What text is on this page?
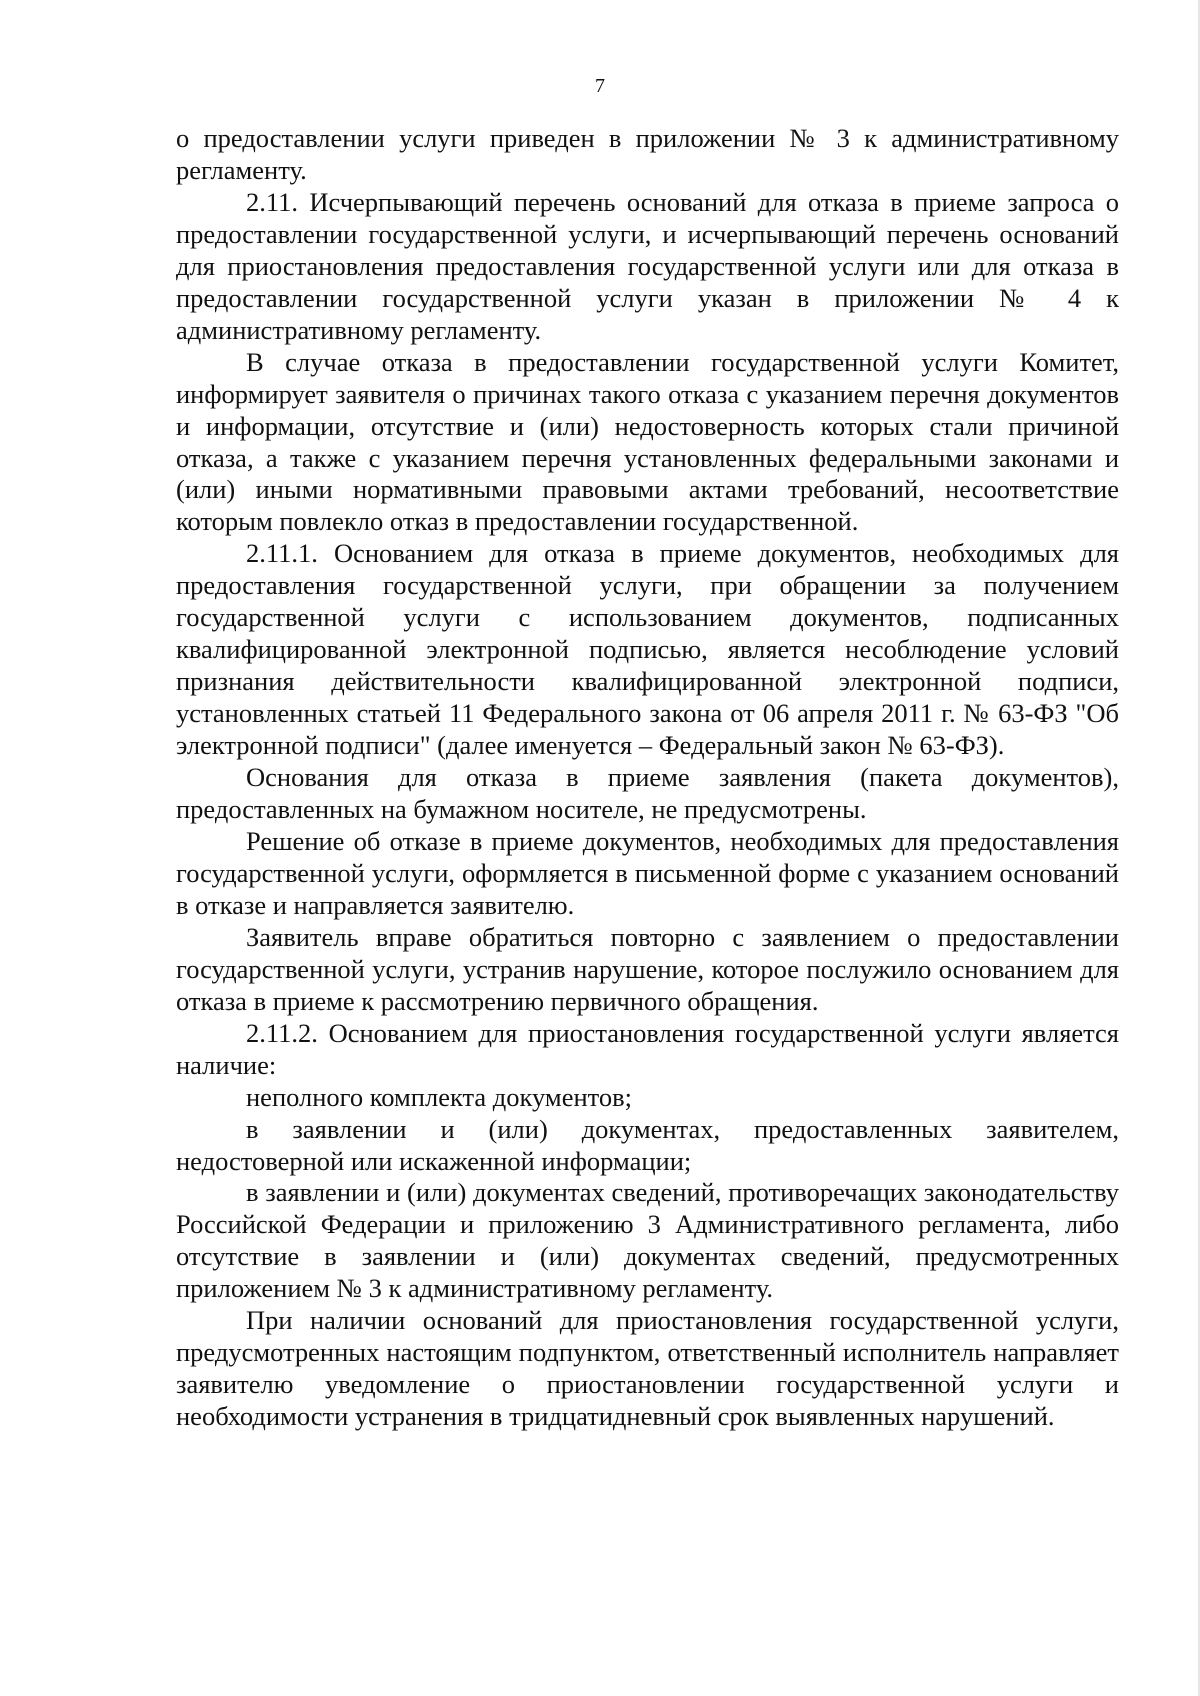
7

о предоставлении услуги приведен в приложении № 3 к административному регламенту.

2.11. Исчерпывающий перечень оснований для отказа в приеме запроса о предоставлении государственной услуги, и исчерпывающий перечень оснований для приостановления предоставления государственной услуги или для отказа в предоставлении государственной услуги указан в приложении № 4 к административному регламенту.

В случае отказа в предоставлении государственной услуги Комитет, информирует заявителя о причинах такого отказа с указанием перечня документов и информации, отсутствие и (или) недостоверность которых стали причиной отказа, а также с указанием перечня установленных федеральными законами и (или) иными нормативными правовыми актами требований, несоответствие которым повлекло отказ в предоставлении государственной.

2.11.1. Основанием для отказа в приеме документов, необходимых для предоставления государственной услуги, при обращении за получением государственной услуги с использованием документов, подписанных квалифицированной электронной подписью, является несоблюдение условий признания действительности квалифицированной электронной подписи, установленных статьей 11 Федерального закона от 06 апреля 2011 г. № 63-ФЗ "Об электронной подписи" (далее именуется – Федеральный закон № 63-ФЗ).

Основания для отказа в приеме заявления (пакета документов), предоставленных на бумажном носителе, не предусмотрены.

Решение об отказе в приеме документов, необходимых для предоставления государственной услуги, оформляется в письменной форме с указанием оснований в отказе и направляется заявителю.

Заявитель вправе обратиться повторно с заявлением о предоставлении государственной услуги, устранив нарушение, которое послужило основанием для отказа в приеме к рассмотрению первичного обращения.

2.11.2. Основанием для приостановления государственной услуги является наличие:

неполного комплекта документов;

в заявлении и (или) документах, предоставленных заявителем, недостоверной или искаженной информации;

в заявлении и (или) документах сведений, противоречащих законодательству Российской Федерации и приложению 3 Административного регламента, либо отсутствие в заявлении и (или) документах сведений, предусмотренных приложением № 3 к административному регламенту.

При наличии оснований для приостановления государственной услуги, предусмотренных настоящим подпунктом, ответственный исполнитель направляет заявителю уведомление о приостановлении государственной услуги и необходимости устранения в тридцатидневный срок выявленных нарушений.
